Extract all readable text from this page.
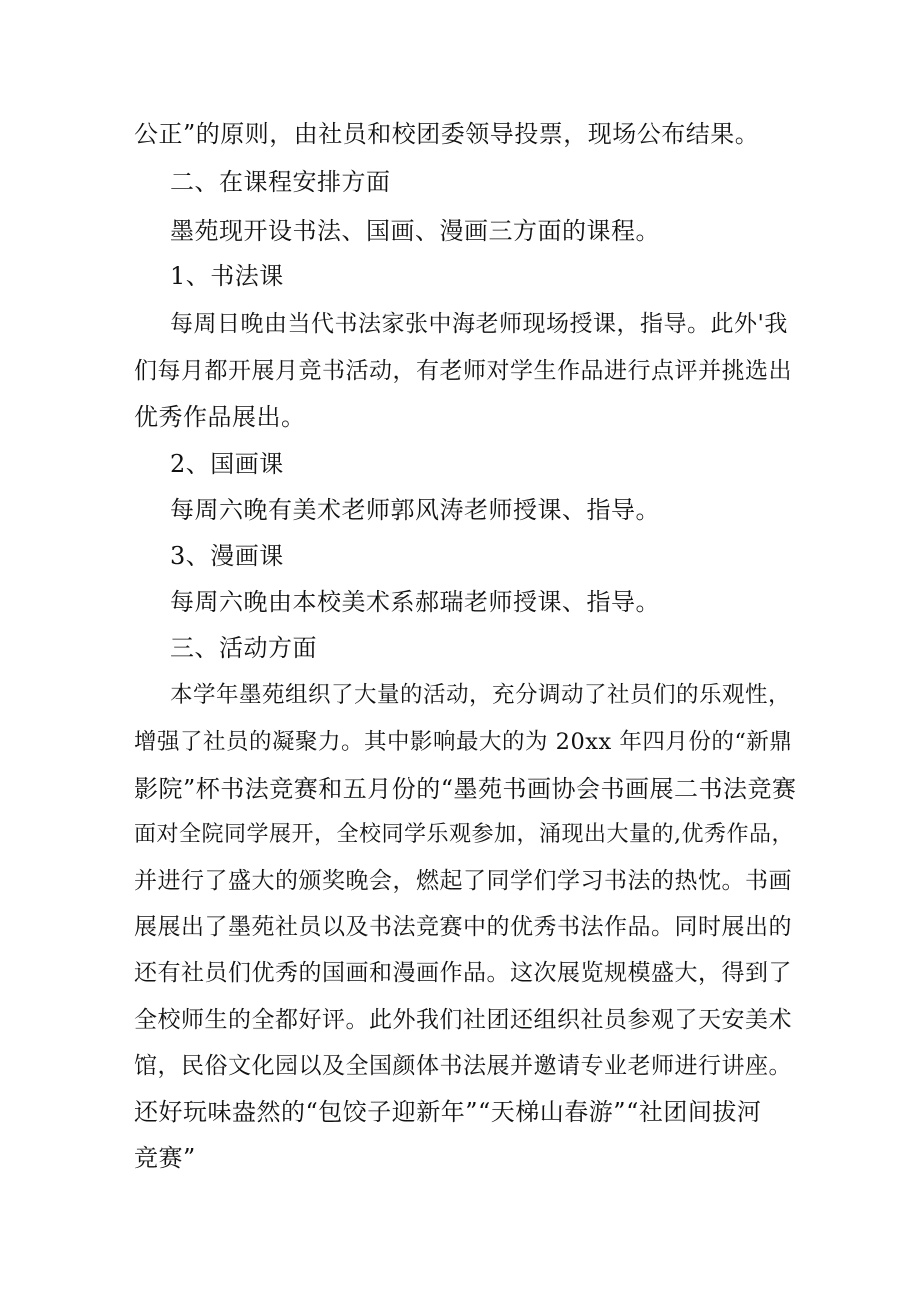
公正”的原则，由社员和校团委领导投票，现场公布结果。
二、在课程安排方面
墨苑现开设书法、国画、漫画三方面的课程。
1、书法课
每周日晚由当代书法家张中海老师现场授课，指导。此外'我
们每月都开展月竞书活动，有老师对学生作品进行点评并挑选出
优秀作品展出。
2、国画课
每周六晚有美术老师郭风涛老师授课、指导。
3、漫画课
每周六晚由本校美术系郝瑞老师授课、指导。
三、活动方面
本学年墨苑组织了大量的活动，充分调动了社员们的乐观性，
增强了社员的凝聚力。其中影响最大的为 20xx 年四月份的“新鼎
影院”杯书法竞赛和五月份的“墨苑书画协会书画展二书法竞赛
面对全院同学展开，全校同学乐观参加，涌现出大量的,优秀作品，
并进行了盛大的颁奖晚会，燃起了同学们学习书法的热忱。书画
展展出了墨苑社员以及书法竞赛中的优秀书法作品。同时展出的
还有社员们优秀的国画和漫画作品。这次展览规模盛大，得到了
全校师生的全都好评。此外我们社团还组织社员参观了天安美术
馆，民俗文化园以及全国颜体书法展并邀请专业老师进行讲座。
还好玩味盎然的“包饺子迎新年”“天梯山春游”“社团间拔河
竞赛”
